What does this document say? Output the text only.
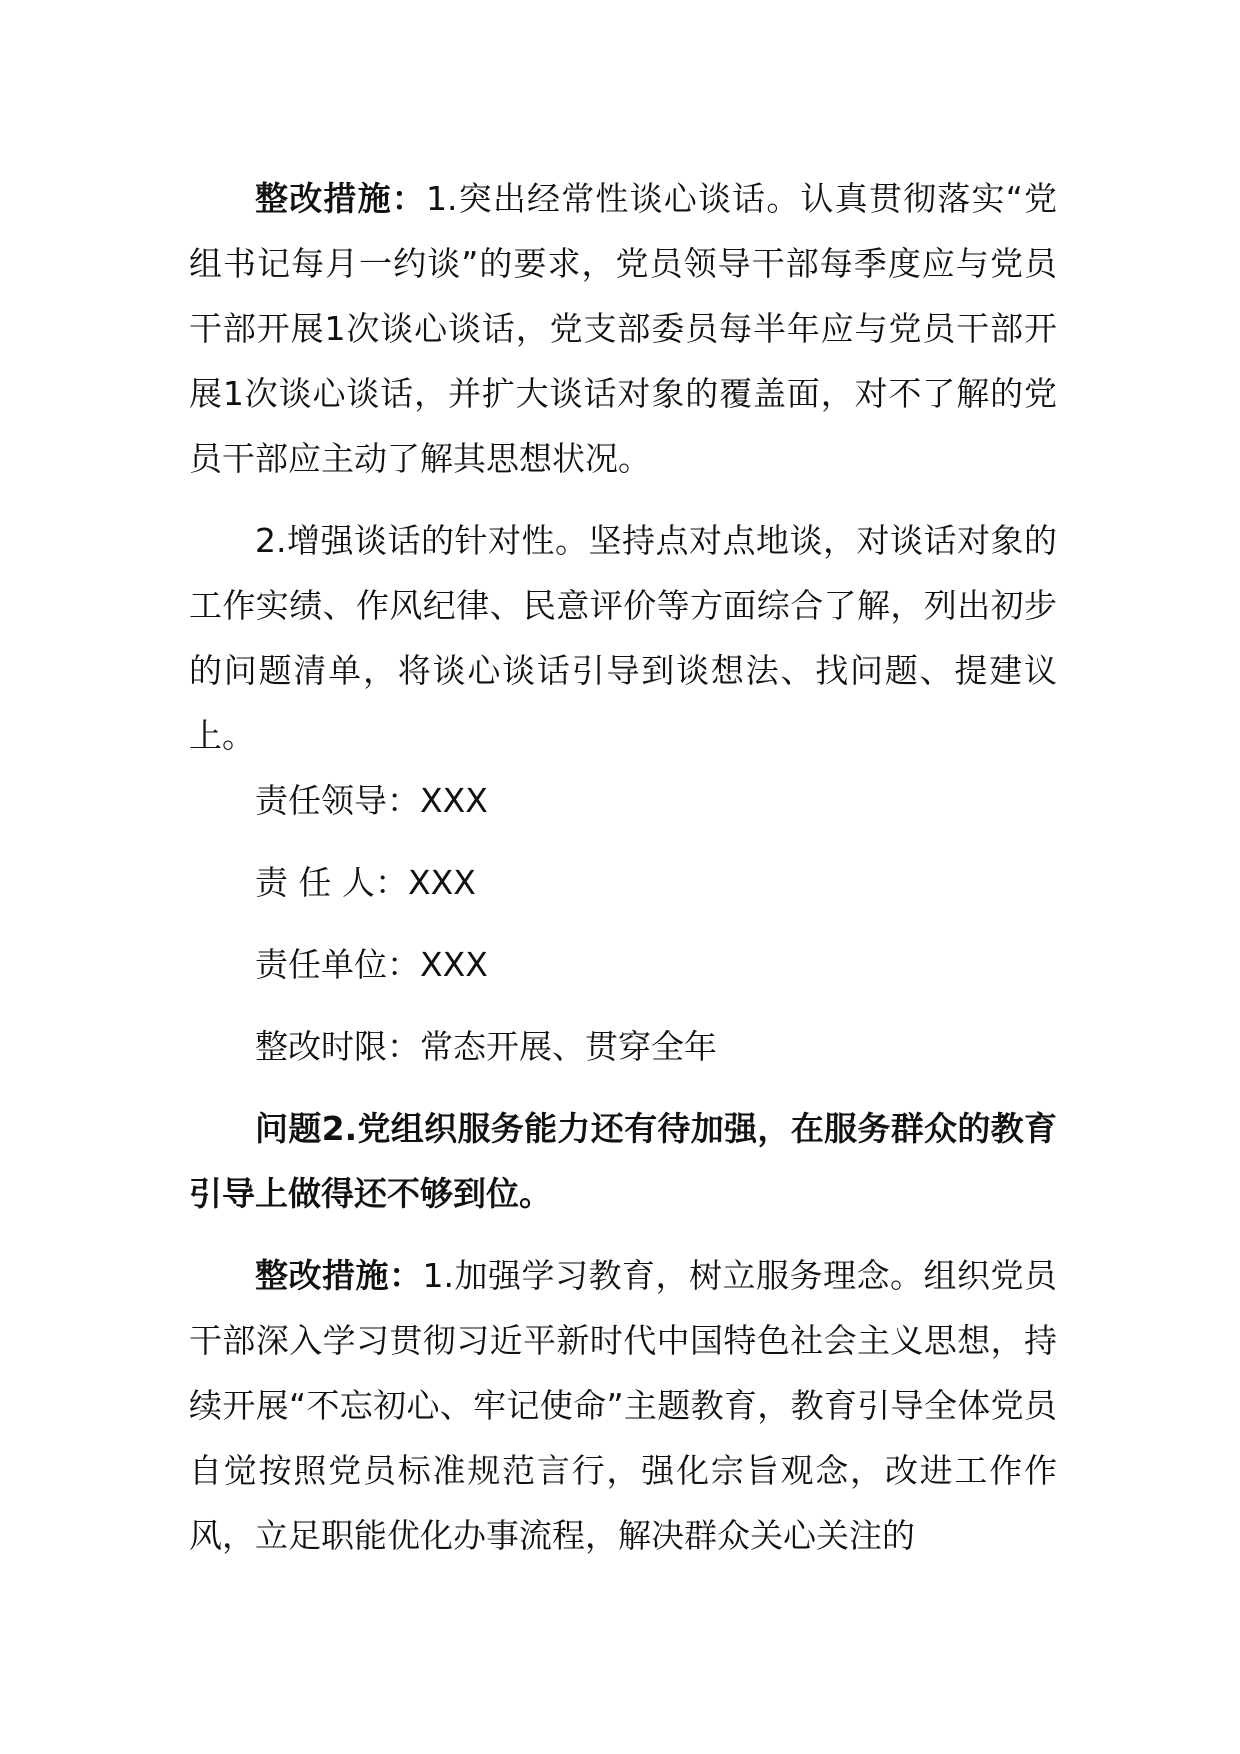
整改措施：1.突出经常性谈心谈话。认真贯彻落实“党组书记每月一约谈”的要求，党员领导干部每季度应与党员干部开展1次谈心谈话，党支部委员每半年应与党员干部开展1次谈心谈话，并扩大谈话对象的覆盖面，对不了解的党员干部应主动了解其思想状况。

2.增强谈话的针对性。坚持点对点地谈，对谈话对象的工作实绩、作风纪律、民意评价等方面综合了解，列出初步的问题清单，将谈心谈话引导到谈想法、找问题、提建议上。

责任领导：XXX

责 任 人：XXX

责任单位：XXX

整改时限：常态开展、贯穿全年

问题2.党组织服务能力还有待加强，在服务群众的教育引导上做得还不够到位。

整改措施：1.加强学习教育，树立服务理念。组织党员干部深入学习贯彻习近平新时代中国特色社会主义思想，持续开展“不忘初心、牢记使命”主题教育，教育引导全体党员自觉按照党员标准规范言行，强化宗旨观念，改进工作作风，立足职能优化办事流程，解决群众关心关注的
